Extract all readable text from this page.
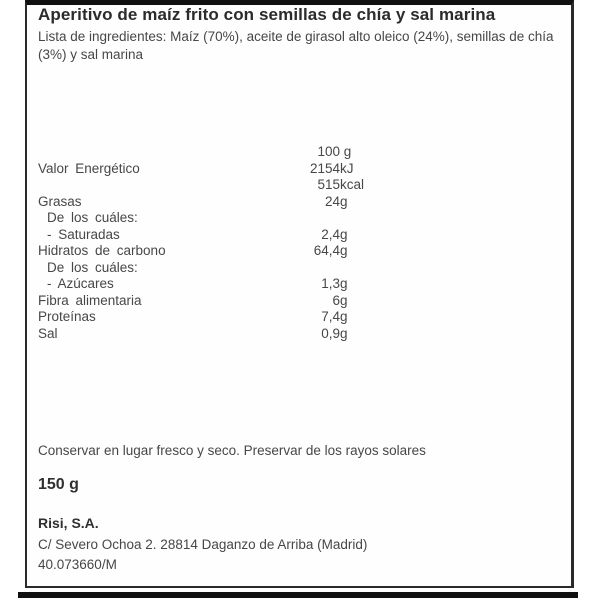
Aperitivo de maíz frito con semillas de chía y sal marina
Lista de ingredientes: Maíz (70%), aceite de girasol alto oleico (24%), semillas de chía (3%) y sal marina
100 g
Valor Energético	2154 kJ
515 kcal
Grasas	24 g
De los cuáles:
- Saturadas	2,4 g
Hidratos de carbono	64,4 g
De los cuáles:
- Azúcares	1,3 g
Fibra alimentaria	6 g
Proteínas	7,4 g
Sal	0,9 g
Conservar en lugar fresco y seco. Preservar de los rayos solares
150 g
Risi, S.A.
C/ Severo Ochoa 2. 28814 Daganzo de Arriba (Madrid)
40.073660/M
